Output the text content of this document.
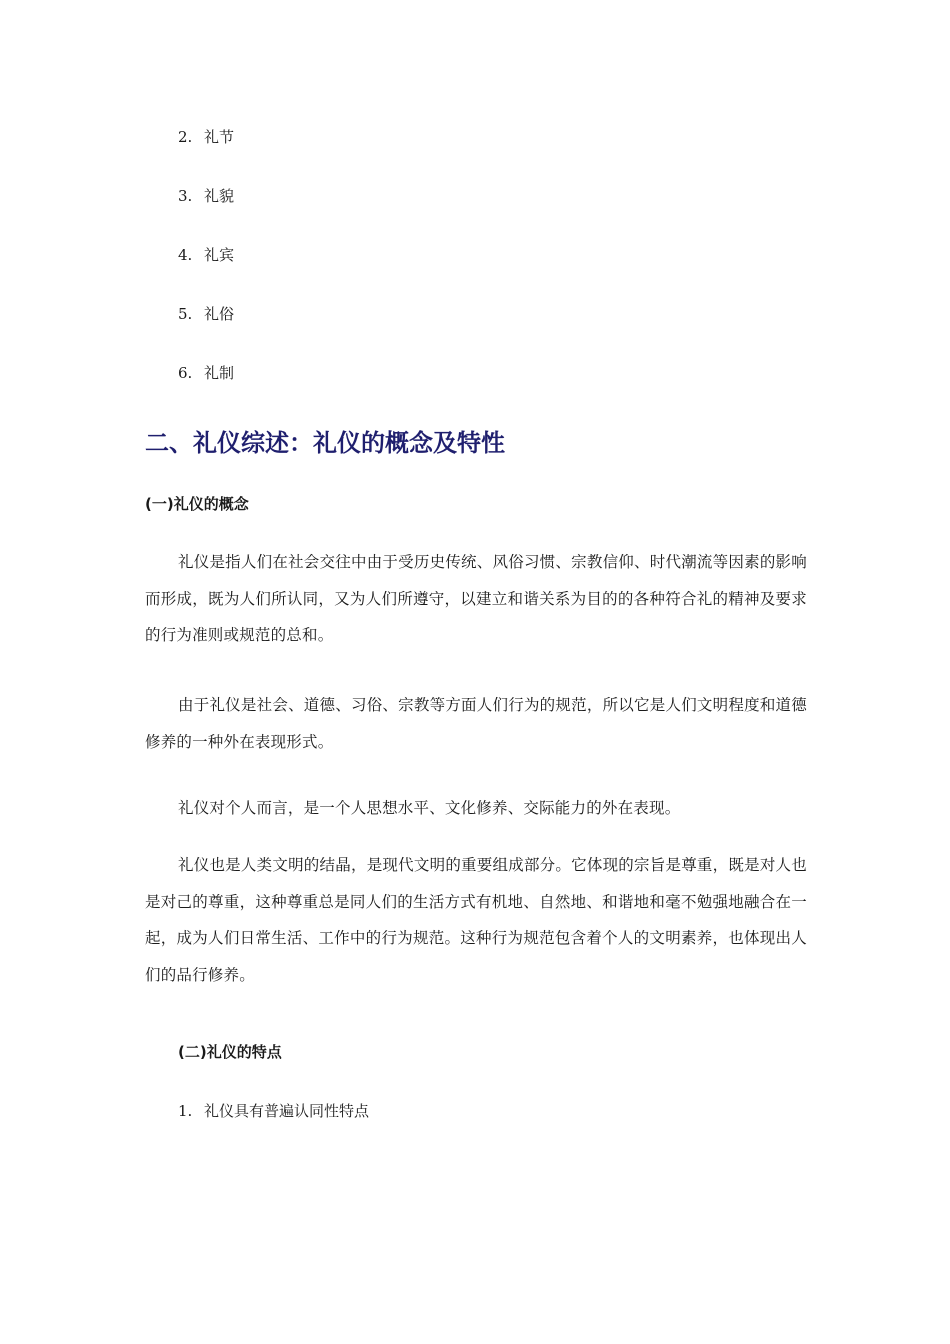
2. 礼节
3. 礼貌
4. 礼宾
5. 礼俗
6. 礼制
二、礼仪综述：礼仪的概念及特性
(一)礼仪的概念
礼仪是指人们在社会交往中由于受历史传统、风俗习惯、宗教信仰、时代潮流等因素的影响而形成，既为人们所认同，又为人们所遵守，以建立和谐关系为目的的各种符合礼的精神及要求的行为准则或规范的总和。
由于礼仪是社会、道德、习俗、宗教等方面人们行为的规范，所以它是人们文明程度和道德修养的一种外在表现形式。
礼仪对个人而言，是一个人思想水平、文化修养、交际能力的外在表现。
礼仪也是人类文明的结晶，是现代文明的重要组成部分。它体现的宗旨是尊重，既是对人也是对己的尊重，这种尊重总是同人们的生活方式有机地、自然地、和谐地和毫不勉强地融合在一起，成为人们日常生活、工作中的行为规范。这种行为规范包含着个人的文明素养，也体现出人们的品行修养。
(二)礼仪的特点
1. 礼仪具有普遍认同性特点
